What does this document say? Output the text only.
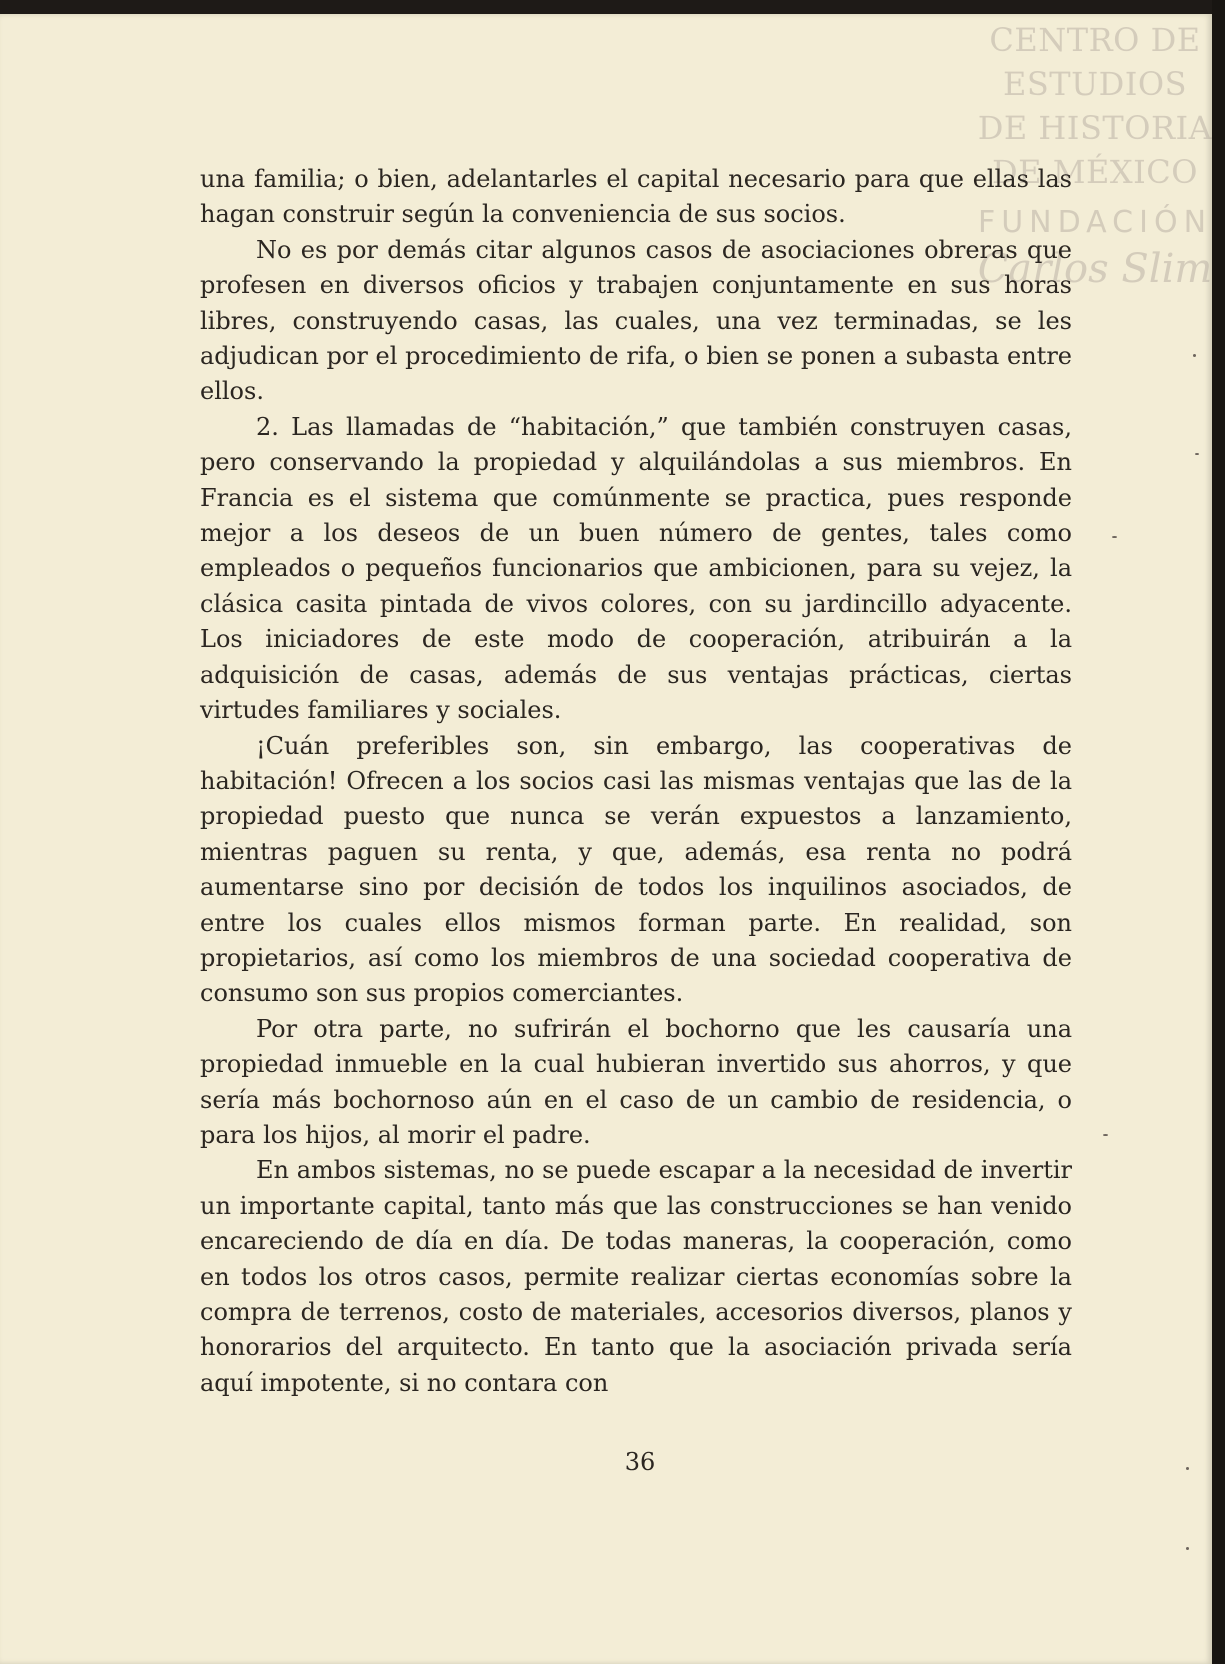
CENTRO DE
ESTUDIOS
DE HISTORIA
DE MÉXICO
FUNDACIÓN
Carlos Slim

una familia; o bien, adelantarles el capital necesario para que ellas las hagan construir según la conveniencia de sus socios.

No es por demás citar algunos casos de asociaciones obreras que profesen en diversos oficios y trabajen conjuntamente en sus horas libres, construyendo casas, las cuales, una vez terminadas, se les adjudican por el procedimiento de rifa, o bien se ponen a subasta entre ellos.

2. Las llamadas de “habitación,” que también construyen casas, pero conservando la propiedad y alquilándolas a sus miembros. En Francia es el sistema que comúnmente se practica, pues responde mejor a los deseos de un buen número de gentes, tales como empleados o pequeños funcionarios que ambicionen, para su vejez, la clásica casita pintada de vivos colores, con su jardincillo adyacente. Los iniciadores de este modo de cooperación, atribuirán a la adquisición de casas, además de sus ventajas prácticas, ciertas virtudes familiares y sociales.

¡Cuán preferibles son, sin embargo, las cooperativas de habitación! Ofrecen a los socios casi las mismas ventajas que las de la propiedad puesto que nunca se verán expuestos a lanzamiento, mientras paguen su renta, y que, además, esa renta no podrá aumentarse sino por decisión de todos los inquilinos asociados, de entre los cuales ellos mismos forman parte. En realidad, son propietarios, así como los miembros de una sociedad cooperativa de consumo son sus propios comerciantes.

Por otra parte, no sufrirán el bochorno que les causaría una propiedad inmueble en la cual hubieran invertido sus ahorros, y que sería más bochornoso aún en el caso de un cambio de residencia, o para los hijos, al morir el padre.

En ambos sistemas, no se puede escapar a la necesidad de invertir un importante capital, tanto más que las construcciones se han venido encareciendo de día en día. De todas maneras, la cooperación, como en todos los otros casos, permite realizar ciertas economías sobre la compra de terrenos, costo de materiales, accesorios diversos, planos y honorarios del arquitecto. En tanto que la asociación privada sería aquí impotente, si no contara con

36
